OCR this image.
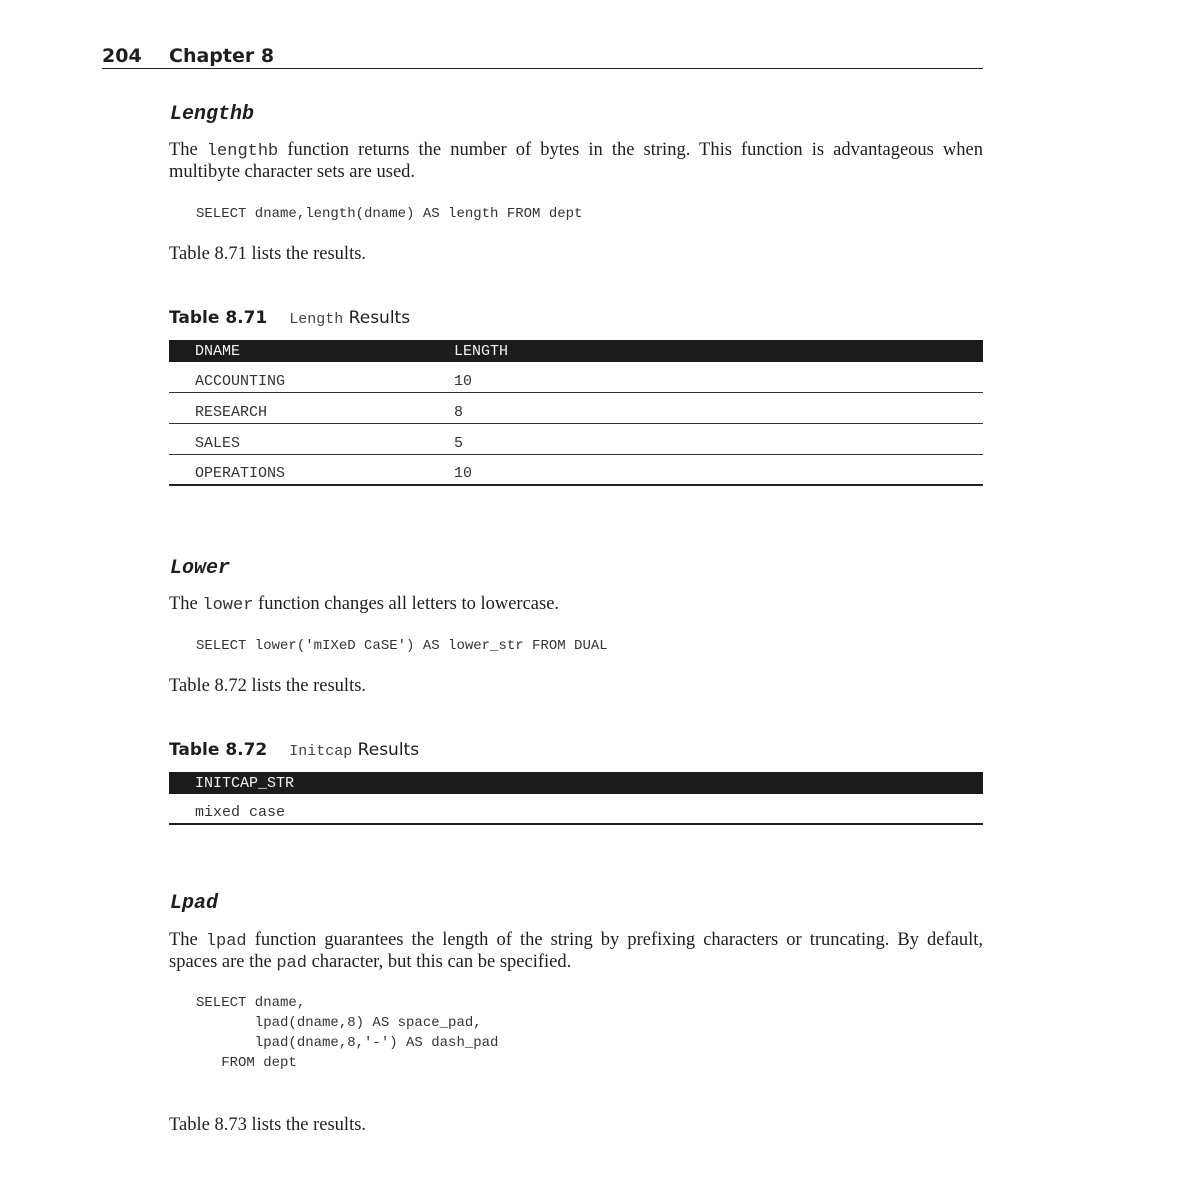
204 Chapter 8
Lengthb
The lengthb function returns the number of bytes in the string. This function is advantageous when multibyte character sets are used.
SELECT dname,length(dname) AS length FROM dept
Table 8.71 lists the results.
Table 8.71 Length Results
DNAME	LENGTH
ACCOUNTING	10
RESEARCH	8
SALES	5
OPERATIONS	10
Lower
The lower function changes all letters to lowercase.
SELECT lower('mIXeD CaSE') AS lower_str FROM DUAL
Table 8.72 lists the results.
Table 8.72 Initcap Results
INITCAP_STR
mixed case
Lpad
The lpad function guarantees the length of the string by prefixing characters or truncating. By default, spaces are the pad character, but this can be specified.
SELECT dname,
lpad(dname,8) AS space_pad,
lpad(dname,8,'-') AS dash_pad
FROM dept
Table 8.73 lists the results.
